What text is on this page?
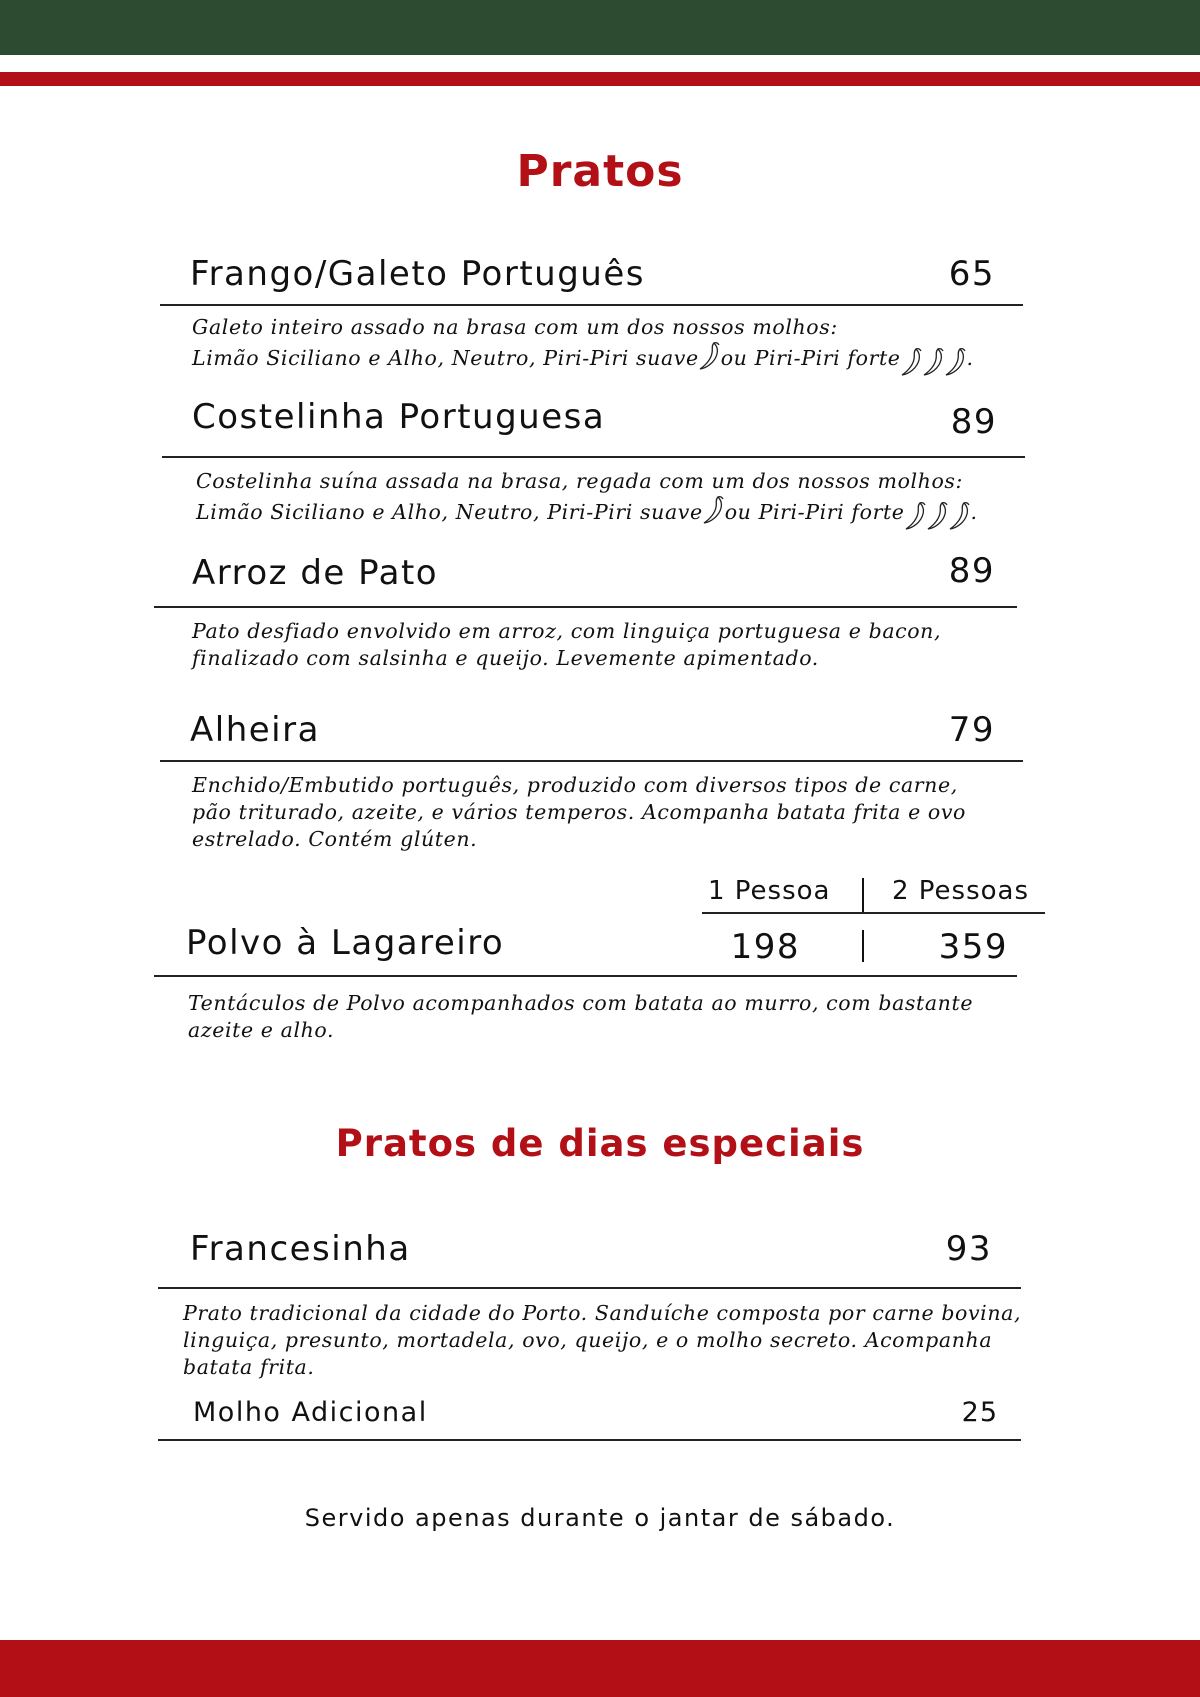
Pratos
Frango/Galeto Português	65
Galeto inteiro assado na brasa com um dos nossos molhos:
Limão Siciliano e Alho, Neutro, Piri-Piri suave ou Piri-Piri forte	.
Costelinha Portuguesa	89
Costelinha suína assada na brasa, regada com um dos nossos molhos:
Limão Siciliano e Alho, Neutro, Piri-Piri suave ou Piri-Piri forte	.
Arroz de Pato	89
Pato desfiado envolvido em arroz, com linguiça portuguesa e bacon,
finalizado com salsinha e queijo. Levemente apimentado.
Alheira	79
Enchido/Embutido português, produzido com diversos tipos de carne,
pão triturado, azeite, e vários temperos. Acompanha batata frita e ovo
estrelado. Contém glúten.
1 Pessoa 2 Pessoas
Polvo à Lagareiro	198	359
Tentáculos de Polvo acompanhados com batata ao murro, com bastante
azeite e alho.
Pratos de dias especiais
Francesinha	93
Prato tradicional da cidade do Porto. Sanduíche composta por carne bovina,
linguiça, presunto, mortadela, ovo, queijo, e o molho secreto. Acompanha
batata frita.
Molho Adicional	25
Servido apenas durante o jantar de sábado.
